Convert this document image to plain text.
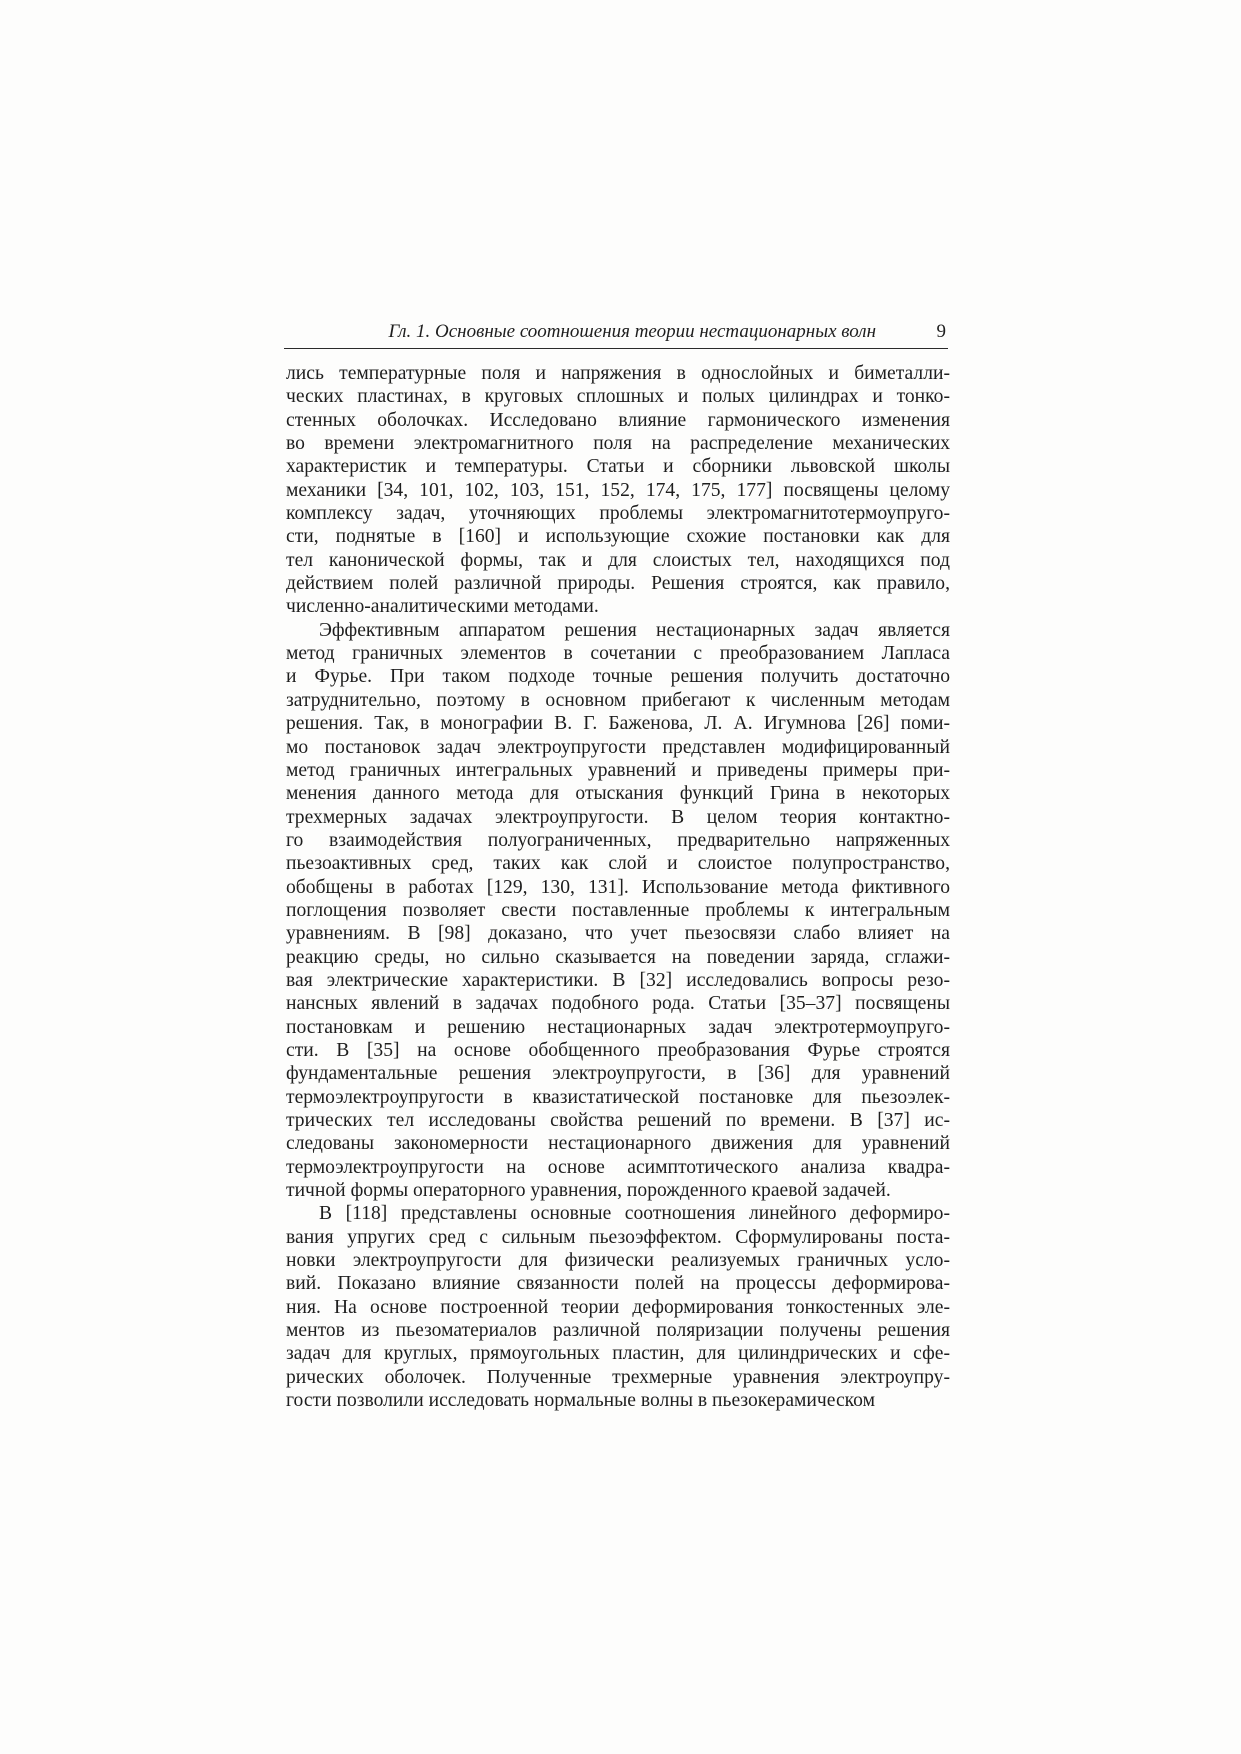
Гл. 1. Основные соотношения теории нестационарных волн	9
лись температурные поля и напряжения в однослойных и биметалли-
ческих пластинах, в круговых сплошных и полых цилиндрах и тонко-
стенных оболочках. Исследовано влияние гармонического изменения
во времени электромагнитного поля на распределение механических
характеристик и температуры. Статьи и сборники львовской школы
механики [34, 101, 102, 103, 151, 152, 174, 175, 177] посвящены целому
комплексу задач, уточняющих проблемы электромагнитотермоупруго-
сти, поднятые в [160] и использующие схожие постановки как для
тел канонической формы, так и для слоистых тел, находящихся под
действием полей различной природы. Решения строятся, как правило,
численно-аналитическими методами.
Эффективным аппаратом решения нестационарных задач является
метод граничных элементов в сочетании с преобразованием Лапласа
и Фурье. При таком подходе точные решения получить достаточно
затруднительно, поэтому в основном прибегают к численным методам
решения. Так, в монографии В. Г. Баженова, Л. А. Игумнова [26] поми-
мо постановок задач электроупругости представлен модифицированный
метод граничных интегральных уравнений и приведены примеры при-
менения данного метода для отыскания функций Грина в некоторых
трехмерных задачах электроупругости. В целом теория контактно-
го взаимодействия полуограниченных, предварительно напряженных
пьезоактивных сред, таких как слой и слоистое полупространство,
обобщены в работах [129, 130, 131]. Использование метода фиктивного
поглощения позволяет свести поставленные проблемы к интегральным
уравнениям. В [98] доказано, что учет пьезосвязи слабо влияет на
реакцию среды, но сильно сказывается на поведении заряда, сглажи-
вая электрические характеристики. В [32] исследовались вопросы резо-
нансных явлений в задачах подобного рода. Статьи [35–37] посвящены
постановкам и решению нестационарных задач электротермоупруго-
сти. В [35] на основе обобщенного преобразования Фурье строятся
фундаментальные решения электроупругости, в [36] для уравнений
термоэлектроупругости в квазистатической постановке для пьезоэлек-
трических тел исследованы свойства решений по времени. В [37] ис-
следованы закономерности нестационарного движения для уравнений
термоэлектроупругости на основе асимптотического анализа квадра-
тичной формы операторного уравнения, порожденного краевой задачей.
В [118] представлены основные соотношения линейного деформиро-
вания упругих сред с сильным пьезоэффектом. Сформулированы поста-
новки электроупругости для физически реализуемых граничных усло-
вий. Показано влияние связанности полей на процессы деформирова-
ния. На основе построенной теории деформирования тонкостенных эле-
ментов из пьезоматериалов различной поляризации получены решения
задач для круглых, прямоугольных пластин, для цилиндрических и сфе-
рических оболочек. Полученные трехмерные уравнения электроупру-
гости позволили исследовать нормальные волны в пьезокерамическом
